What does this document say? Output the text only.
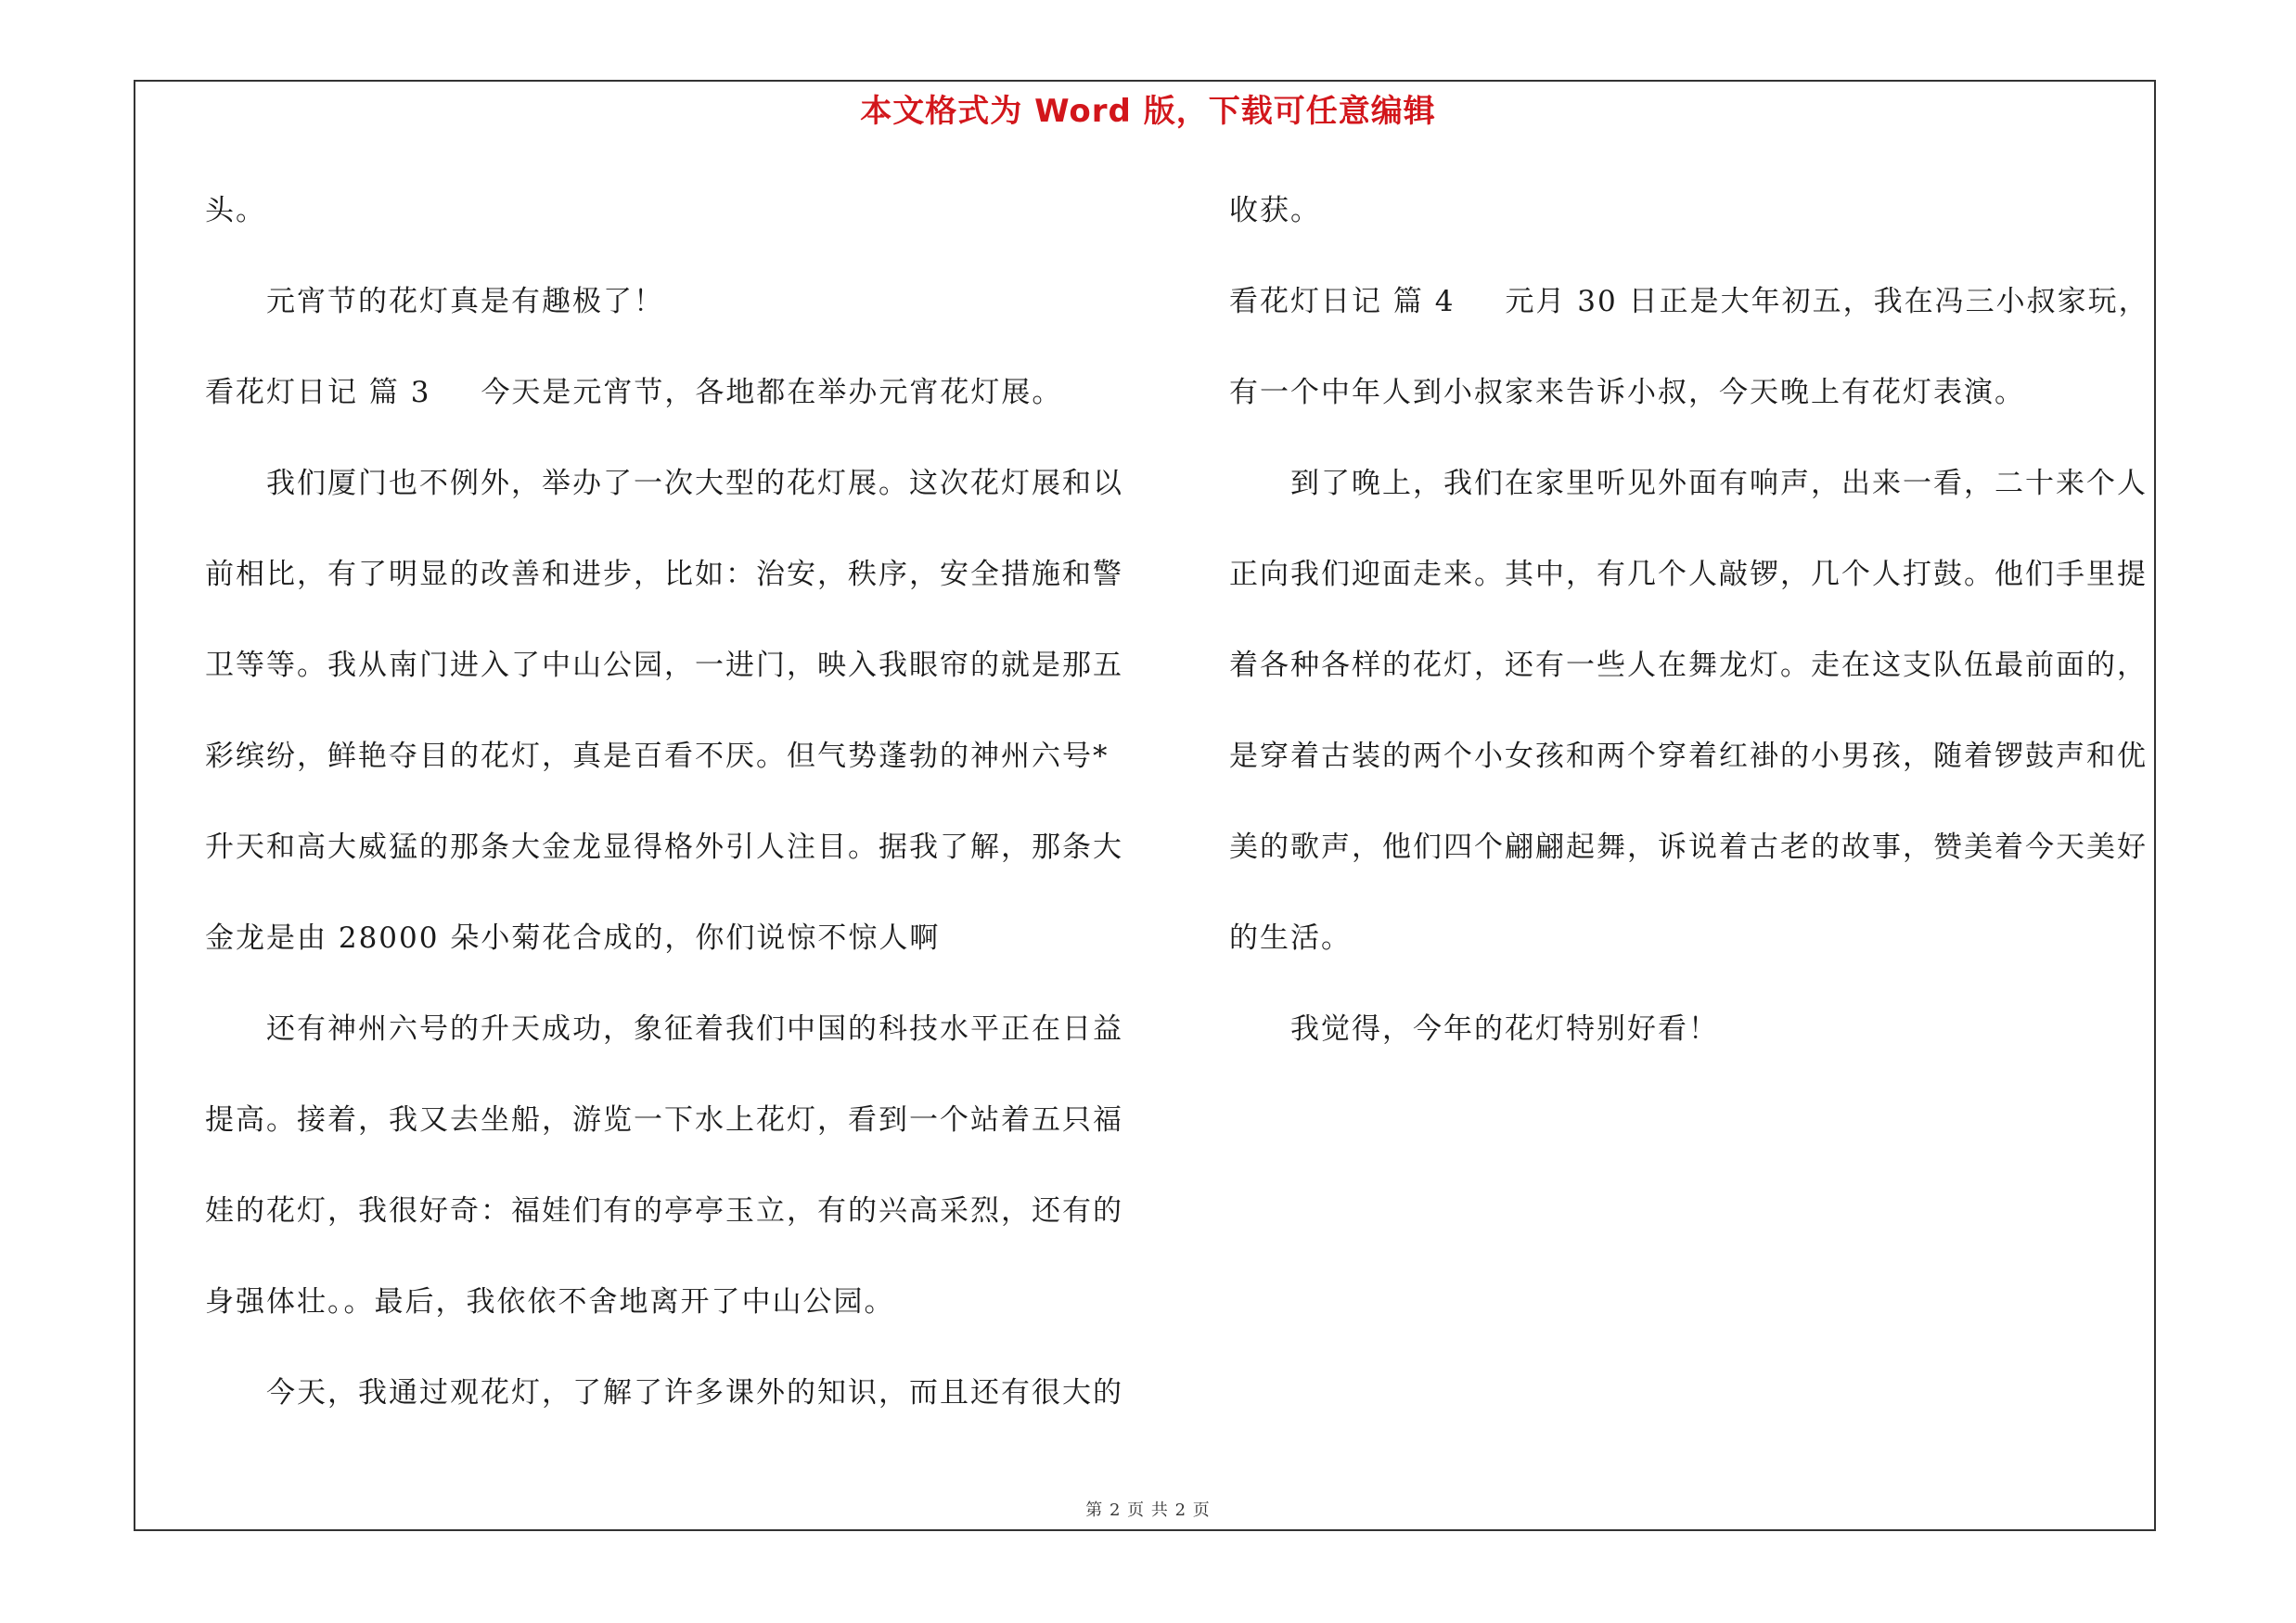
本文格式为 Word 版，下载可任意编辑
头。
元宵节的花灯真是有趣极了！
看花灯日记 篇 3 今天是元宵节，各地都在举办元宵花灯展。
我们厦门也不例外，举办了一次大型的花灯展。这次花灯展和以
前相比，有了明显的改善和进步，比如：治安，秩序，安全措施和警
卫等等。我从南门进入了中山公园，一进门，映入我眼帘的就是那五
彩缤纷，鲜艳夺目的花灯，真是百看不厌。但气势蓬勃的神州六号*
升天和高大威猛的那条大金龙显得格外引人注目。据我了解，那条大
金龙是由 28000 朵小菊花合成的，你们说惊不惊人啊
还有神州六号的升天成功，象征着我们中国的科技水平正在日益
提高。接着，我又去坐船，游览一下水上花灯，看到一个站着五只福
娃的花灯，我很好奇：福娃们有的亭亭玉立，有的兴高采烈，还有的
身强体壮。。最后，我依依不舍地离开了中山公园。
今天，我通过观花灯，了解了许多课外的知识，而且还有很大的
收获。
看花灯日记 篇 4 元月 30 日正是大年初五，我在冯三小叔家玩，
有一个中年人到小叔家来告诉小叔，今天晚上有花灯表演。
到了晚上，我们在家里听见外面有响声，出来一看，二十来个人
正向我们迎面走来。其中，有几个人敲锣，几个人打鼓。他们手里提
着各种各样的花灯，还有一些人在舞龙灯。走在这支队伍最前面的，
是穿着古装的两个小女孩和两个穿着红褂的小男孩，随着锣鼓声和优
美的歌声，他们四个翩翩起舞，诉说着古老的故事，赞美着今天美好
的生活。
我觉得，今年的花灯特别好看！
第 2 页 共 2 页
